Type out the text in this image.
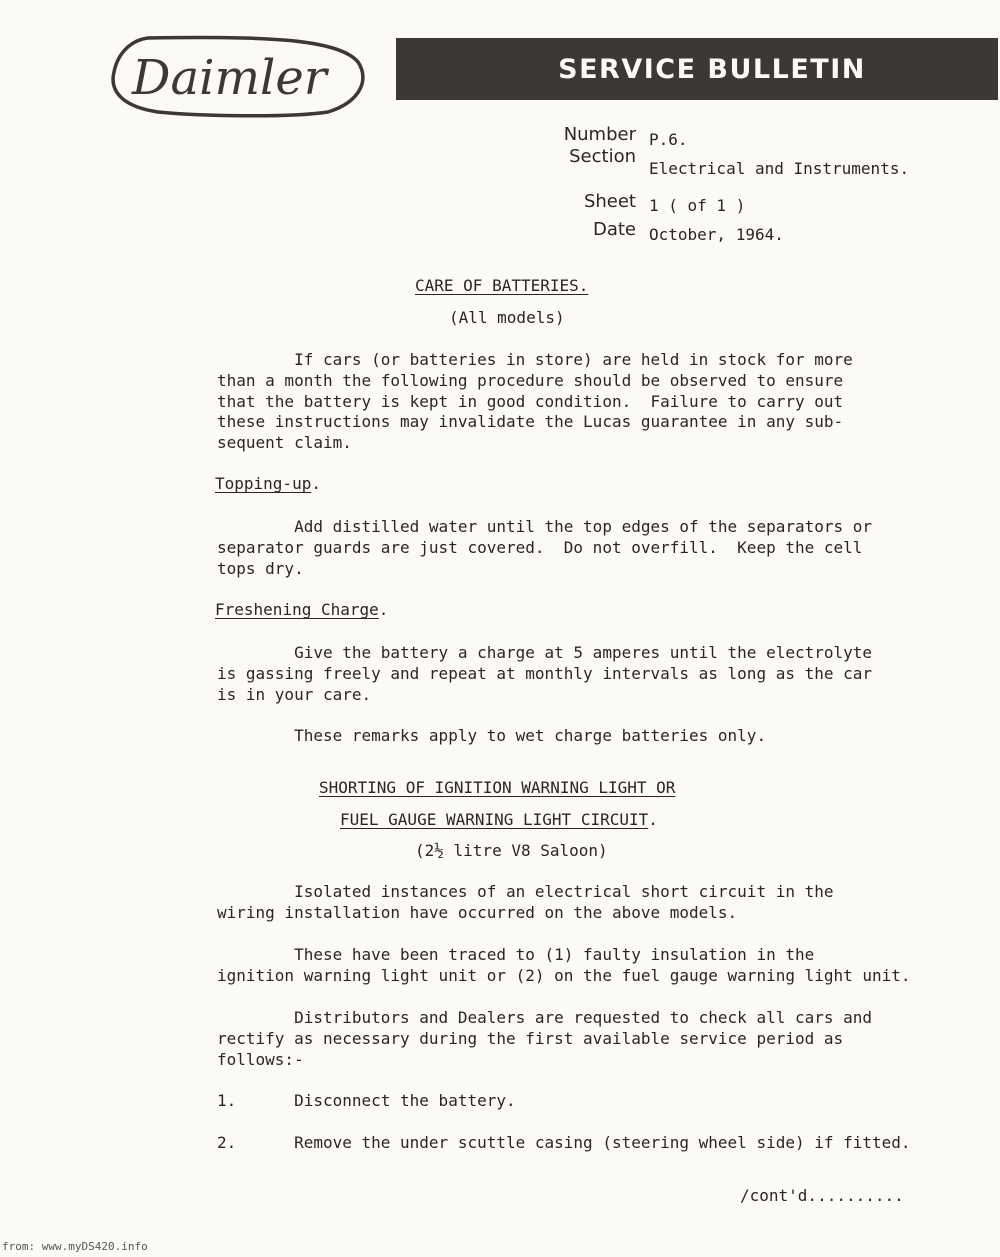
Daimler	SERVICE BULLETIN
Number P.6.
Section
Electrical and Instruments.
Sheet 1 ( of 1 )
Date October, 1964.
CARE OF BATTERIES.
(All models)
If cars (or batteries in store) are held in stock for more
than a month the following procedure should be observed to ensure
that the battery is kept in good condition.  Failure to carry out
these instructions may invalidate the Lucas guarantee in any sub-
sequent claim.
Topping-up.
Add distilled water until the top edges of the separators or
separator guards are just covered.  Do not overfill.  Keep the cell
tops dry.
Freshening Charge.
Give the battery a charge at 5 amperes until the electrolyte
is gassing freely and repeat at monthly intervals as long as the car
is in your care.
These remarks apply to wet charge batteries only.
SHORTING OF IGNITION WARNING LIGHT OR
FUEL GAUGE WARNING LIGHT CIRCUIT.
(2½ litre V8 Saloon)
Isolated instances of an electrical short circuit in the
wiring installation have occurred on the above models.
These have been traced to (1) faulty insulation in the
ignition warning light unit or (2) on the fuel gauge warning light unit.
Distributors and Dealers are requested to check all cars and
rectify as necessary during the first available service period as
follows:-
1.      Disconnect the battery.
2.      Remove the under scuttle casing (steering wheel side) if fitted.
/cont'd..........
from: www.myDS420.info
